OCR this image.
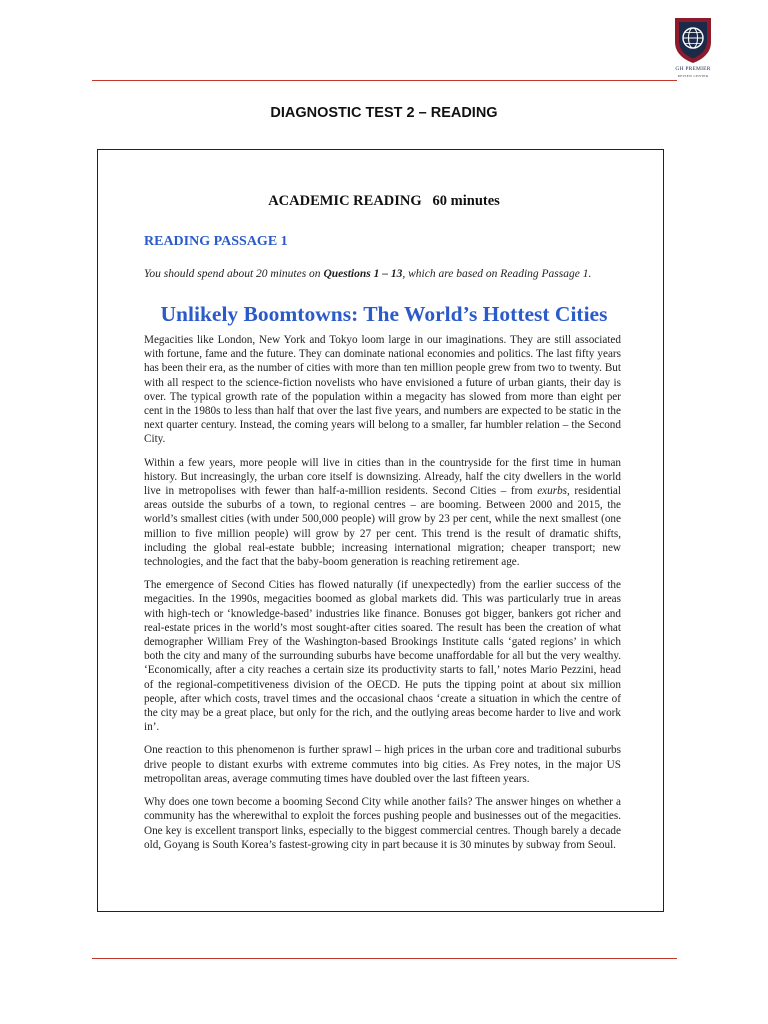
GH PREMIER
REVIEW CENTER
DIAGNOSTIC TEST 2 – READING
ACADEMIC READING   60 minutes
READING PASSAGE 1
You should spend about 20 minutes on Questions 1 – 13, which are based on Reading Passage 1.
Unlikely Boomtowns: The World’s Hottest Cities

Megacities like London, New York and Tokyo loom large in our imaginations. They are still associated with fortune, fame and the future. They can dominate national economies and politics. The last fifty years has been their era, as the number of cities with more than ten million people grew from two to twenty. But with all respect to the science-fiction novelists who have envisioned a future of urban giants, their day is over. The typical growth rate of the population within a megacity has slowed from more than eight per cent in the 1980s to less than half that over the last five years, and numbers are expected to be static in the next quarter century. Instead, the coming years will belong to a smaller, far humbler relation – the Second City.

Within a few years, more people will live in cities than in the countryside for the first time in human history. But increasingly, the urban core itself is downsizing. Already, half the city dwellers in the world live in metropolises with fewer than half-a-million residents. Second Cities – from exurbs, residential areas outside the suburbs of a town, to regional centres – are booming. Between 2000 and 2015, the world’s smallest cities (with under 500,000 people) will grow by 23 per cent, while the next smallest (one million to five million people) will grow by 27 per cent. This trend is the result of dramatic shifts, including the global real-estate bubble; increasing international migration; cheaper transport; new technologies, and the fact that the baby-boom generation is reaching retirement age.

The emergence of Second Cities has flowed naturally (if unexpectedly) from the earlier success of the megacities. In the 1990s, megacities boomed as global markets did. This was particularly true in areas with high-tech or ‘knowledge-based’ industries like finance. Bonuses got bigger, bankers got richer and real-estate prices in the world’s most sought-after cities soared. The result has been the creation of what demographer William Frey of the Washington-based Brookings Institute calls ‘gated regions’ in which both the city and many of the surrounding suburbs have become unaffordable for all but the very wealthy. ‘Economically, after a city reaches a certain size its productivity starts to fall,’ notes Mario Pezzini, head of the regional-competitiveness division of the OECD. He puts the tipping point at about six million people, after which costs, travel times and the occasional chaos ‘create a situation in which the centre of the city may be a great place, but only for the rich, and the outlying areas become harder to live and work in’.

One reaction to this phenomenon is further sprawl – high prices in the urban core and traditional suburbs drive people to distant exurbs with extreme commutes into big cities. As Frey notes, in the major US metropolitan areas, average commuting times have doubled over the last fifteen years.

Why does one town become a booming Second City while another fails? The answer hinges on whether a community has the wherewithal to exploit the forces pushing people and businesses out of the megacities. One key is excellent transport links, especially to the biggest commercial centres. Though barely a decade old, Goyang is South Korea’s fastest-growing city in part because it is 30 minutes by subway from Seoul.
